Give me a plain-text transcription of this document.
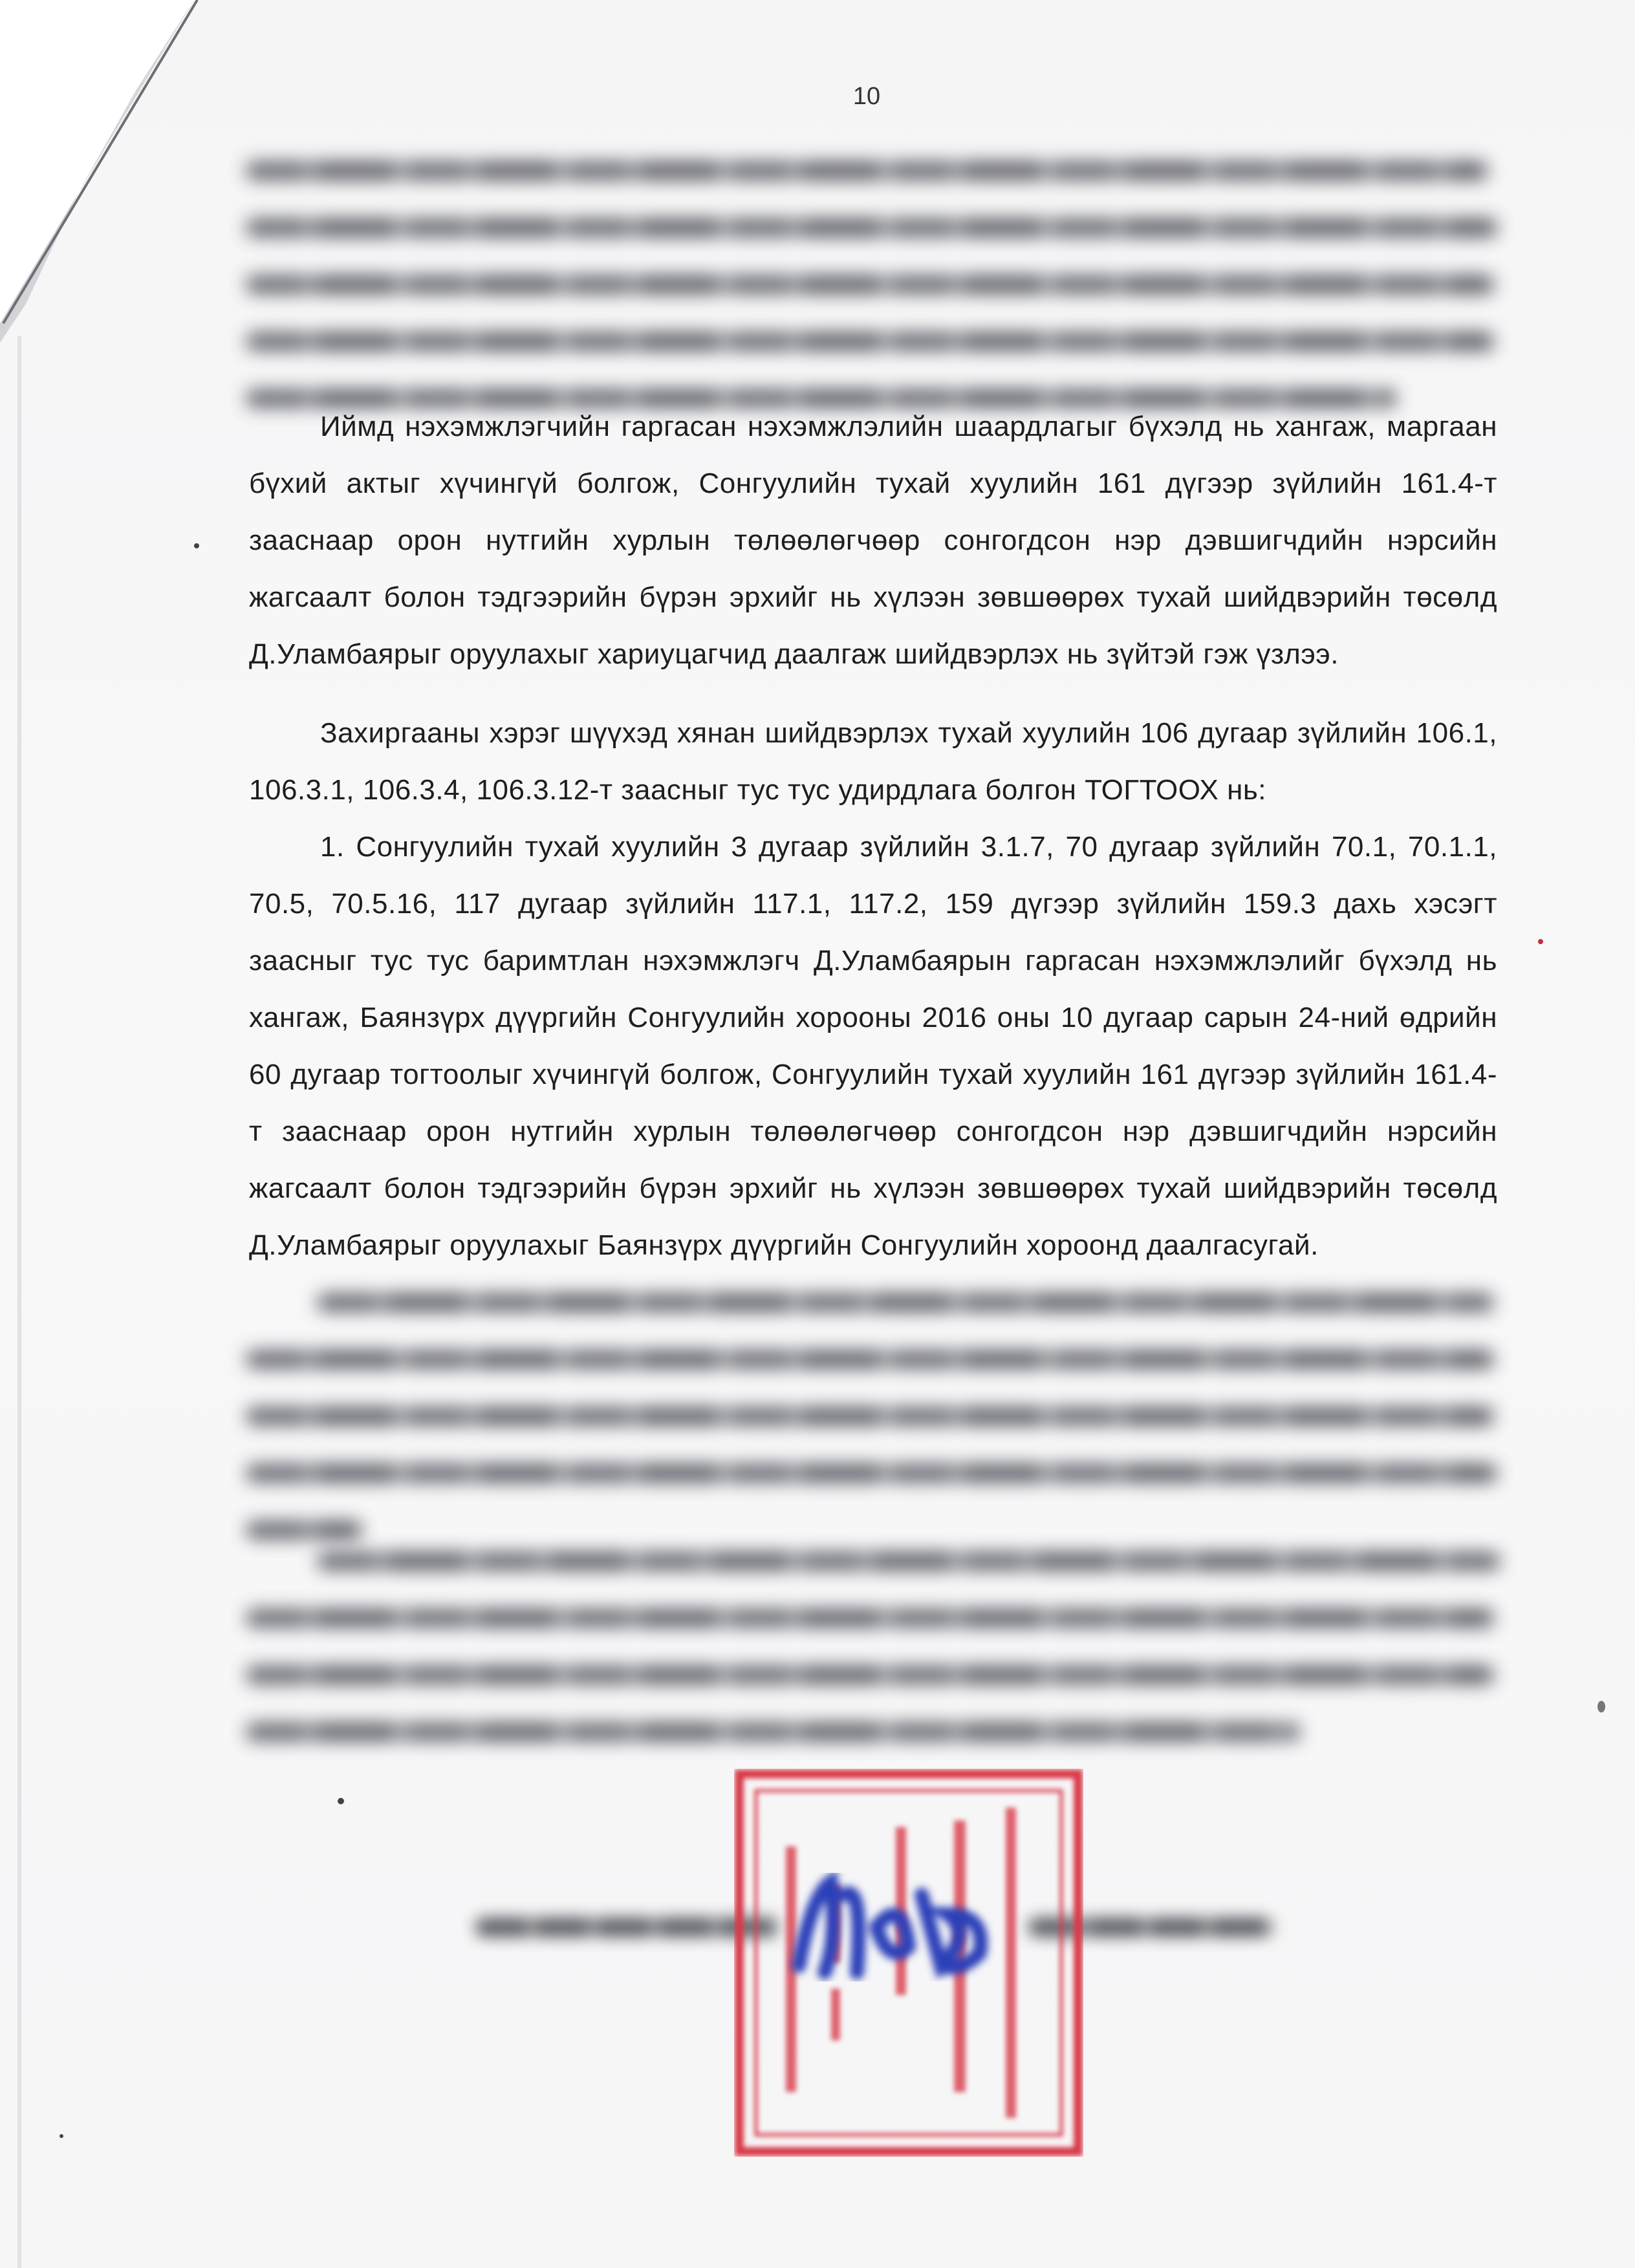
10

Иймд нэхэмжлэгчийн гаргасан нэхэмжлэлийн шаардлагыг бүхэлд нь хангаж, маргаан бүхий актыг хүчингүй болгож, Сонгуулийн тухай хуулийн 161 дүгээр зүйлийн 161.4-т зааснаар орон нутгийн хурлын төлөөлөгчөөр сонгогдсон нэр дэвшигчдийн нэрсийн жагсаалт болон тэдгээрийн бүрэн эрхийг нь хүлээн зөвшөөрөх тухай шийдвэрийн төсөлд Д.Уламбаярыг оруулахыг хариуцагчид даалгаж шийдвэрлэх нь зүйтэй гэж үзлээ.

Захиргааны хэрэг шүүхэд хянан шийдвэрлэх тухай хуулийн 106 дугаар зүйлийн 106.1, 106.3.1, 106.3.4, 106.3.12-т заасныг тус тус удирдлага болгон ТОГТООХ нь:

1. Сонгуулийн тухай хуулийн 3 дугаар зүйлийн 3.1.7, 70 дугаар зүйлийн 70.1, 70.1.1, 70.5, 70.5.16, 117 дугаар зүйлийн 117.1, 117.2, 159 дүгээр зүйлийн 159.3 дахь хэсэгт заасныг тус тус баримтлан нэхэмжлэгч Д.Уламбаярын гаргасан нэхэмжлэлийг бүхэлд нь хангаж, Баянзүрх дүүргийн Сонгуулийн хорооны 2016 оны 10 дугаар сарын 24-ний өдрийн 60 дугаар тогтоолыг хүчингүй болгож, Сонгуулийн тухай хуулийн 161 дүгээр зүйлийн 161.4-т зааснаар орон нутгийн хурлын төлөөлөгчөөр сонгогдсон нэр дэвшигчдийн нэрсийн жагсаалт болон тэдгээрийн бүрэн эрхийг нь хүлээн зөвшөөрөх тухай шийдвэрийн төсөлд Д.Уламбаярыг оруулахыг Баянзүрх дүүргийн Сонгуулийн хороонд даалгасугай.
